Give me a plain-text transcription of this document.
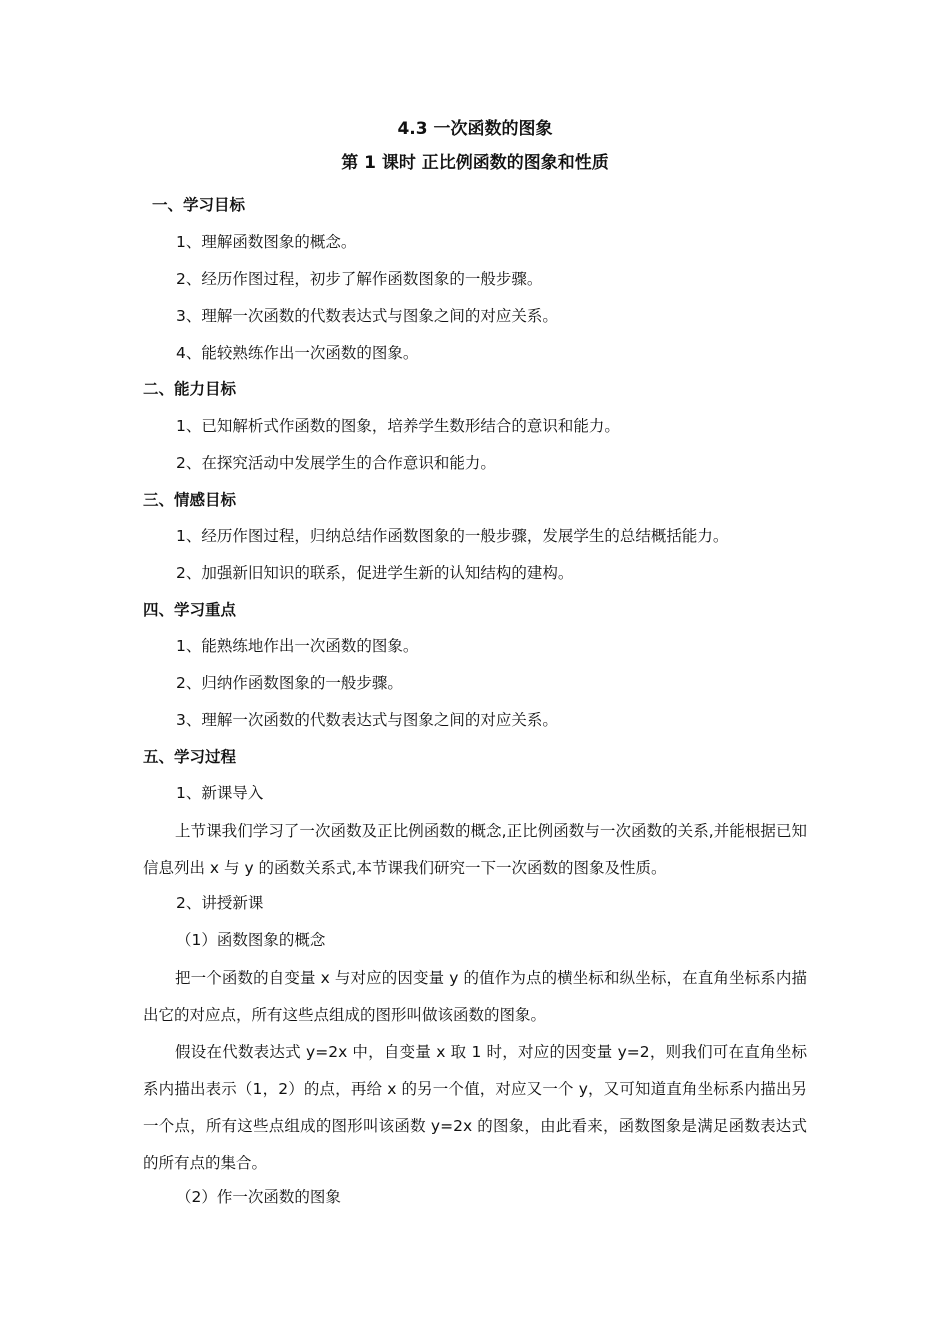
4.3 一次函数的图象
第 1 课时 正比例函数的图象和性质
一、学习目标
1、理解函数图象的概念。
2、经历作图过程，初步了解作函数图象的一般步骤。
3、理解一次函数的代数表达式与图象之间的对应关系。
4、能较熟练作出一次函数的图象。
二、能力目标
1、已知解析式作函数的图象，培养学生数形结合的意识和能力。
2、在探究活动中发展学生的合作意识和能力。
三、情感目标
1、经历作图过程，归纳总结作函数图象的一般步骤，发展学生的总结概括能力。
2、加强新旧知识的联系，促进学生新的认知结构的建构。
四、学习重点
1、能熟练地作出一次函数的图象。
2、归纳作函数图象的一般步骤。
3、理解一次函数的代数表达式与图象之间的对应关系。
五、学习过程
1、新课导入
上节课我们学习了一次函数及正比例函数的概念,正比例函数与一次函数的关系,并能根据已知信息列出 x 与 y 的函数关系式,本节课我们研究一下一次函数的图象及性质。
2、讲授新课
（1）函数图象的概念
把一个函数的自变量 x 与对应的因变量 y 的值作为点的横坐标和纵坐标，在直角坐标系内描出它的对应点，所有这些点组成的图形叫做该函数的图象。
假设在代数表达式 y=2x 中，自变量 x 取 1 时，对应的因变量 y=2，则我们可在直角坐标系内描出表示（1，2）的点，再给 x 的另一个值，对应又一个 y，又可知道直角坐标系内描出另一个点，所有这些点组成的图形叫该函数 y=2x 的图象，由此看来，函数图象是满足函数表达式的所有点的集合。
（2）作一次函数的图象
